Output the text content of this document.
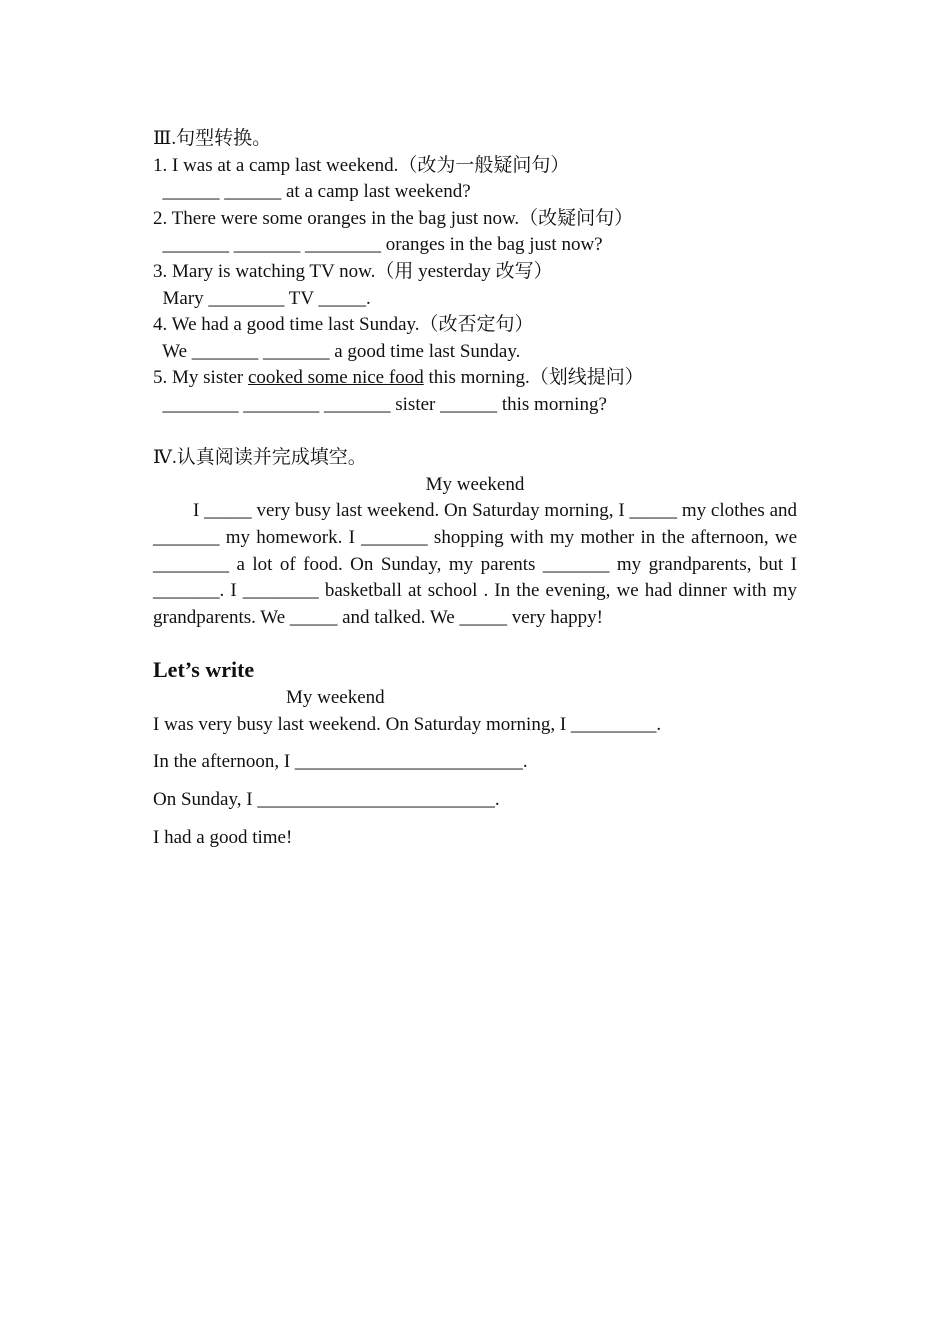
Ⅲ.句型转换。

1. I was at a camp last weekend.（改为一般疑问句）

______ ______ at a camp last weekend?

2. There were some oranges in the bag just now.（改疑问句）

_______ _______ ________ oranges in the bag just now?

3. Mary is watching TV now.（用 yesterday 改写）

Mary ________ TV _____.

4. We had a good time last Sunday.（改否定句）

We _______ _______ a good time last Sunday.

5. My sister cooked some nice food this morning.（划线提问）

________ ________ _______ sister ______ this morning?

Ⅳ.认真阅读并完成填空。

My weekend

I _____ very busy last weekend. On Saturday morning, I _____ my clothes and _______ my homework. I _______ shopping with my mother in the afternoon, we ________ a lot of food. On Sunday, my parents _______ my grandparents, but I _______. I ________ basketball at school . In the evening, we had dinner with my grandparents. We _____ and talked. We _____ very happy!

Let’s write

My weekend

I was very busy last weekend. On Saturday morning, I _________.

In the afternoon, I ________________________.

On Sunday, I _________________________.

I had a good time!
